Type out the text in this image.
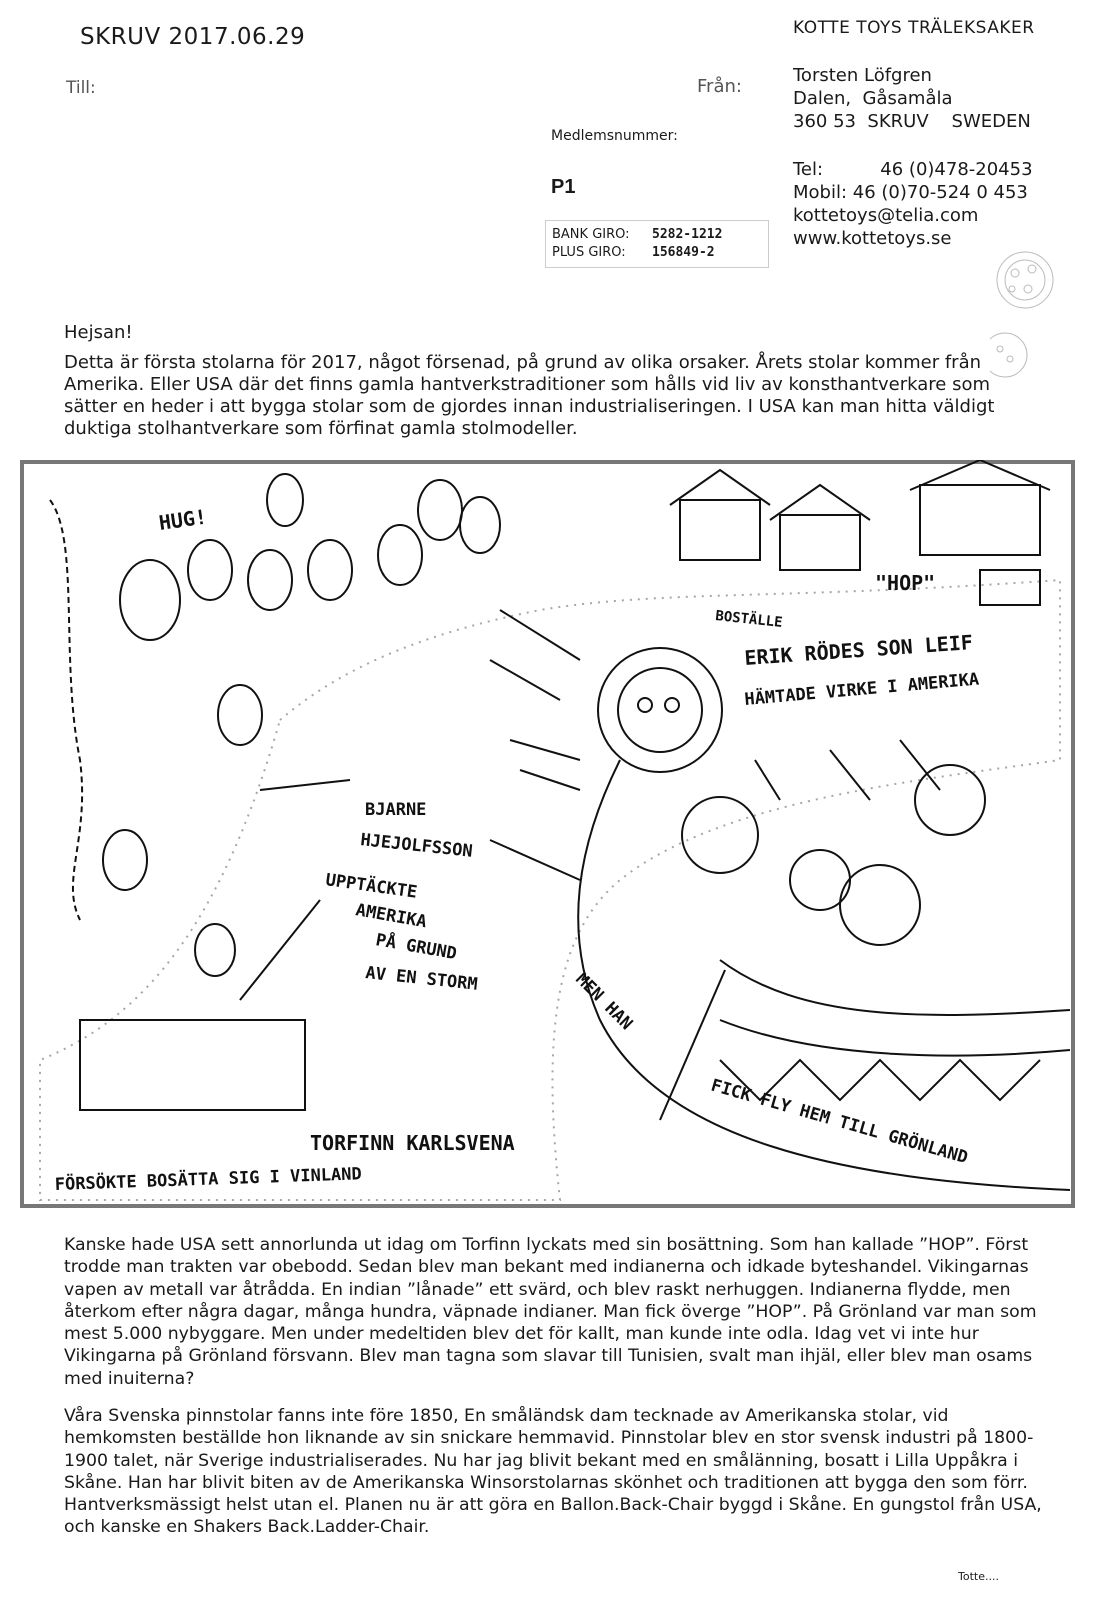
SKRUV 2017.06.29
Till:	Från:
KOTTE TOYS TRÄLEKSAKER
Torsten Löfgren
Dalen,  Gåsamåla
360 53  SKRUV    SWEDEN
Tel:          46 (0)478-20453
Mobil: 46 (0)70-524 0 453
kottetoys@telia.com
www.kottetoys.se
Medlemsnummer:
P1
BANK GIRO: 5282-1212
PLUS GIRO: 156849-2
Hejsan!
Detta är första stolarna för 2017, något försenad, på grund av olika orsaker. Årets stolar kommer från Amerika. Eller USA där det finns gamla hantverkstraditioner som hålls vid liv av konsthantverkare som sätter en heder i att bygga stolar som de gjordes innan industrialiseringen. I USA kan man hitta väldigt duktiga stolhantverkare som förfinat gamla stolmodeller.
HUG!
"HOP"
BOSTÄLLE
ERIK RÖDES SON LEIF
HÄMTADE VIRKE I AMERIKA
BJARNE
HJEJOLFSSON
UPPTÄCKTE
AMERIKA
PÅ GRUND
AV EN STORM	MEN HAN
FICK FLY HEM TILL GRÖNLAND
TORFINN KARLSVENA
FÖRSÖKTE BOSÄTTA SIG I VINLAND
Kanske hade USA sett annorlunda ut idag om Torfinn lyckats med sin bosättning. Som han kallade ”HOP”. Först trodde man trakten var obebodd. Sedan blev man bekant med indianerna och idkade byteshandel. Vikingarnas vapen av metall var åtrådda. En indian ”lånade” ett svärd, och blev raskt nerhuggen. Indianerna flydde, men återkom efter några dagar, många hundra, väpnade indianer. Man fick överge ”HOP”. På Grönland var man som mest 5.000 nybyggare. Men under medeltiden blev det för kallt, man kunde inte odla. Idag vet vi inte hur Vikingarna på Grönland försvann. Blev man tagna som slavar till Tunisien, svalt man ihjäl, eller blev man osams med inuiterna?
Våra Svenska pinnstolar fanns inte före 1850, En småländsk dam tecknade av Amerikanska stolar, vid hemkomsten beställde hon liknande av sin snickare hemmavid. Pinnstolar blev en stor svensk industri på 1800-1900 talet, när Sverige industrialiserades. Nu har jag blivit bekant med en smålänning, bosatt i Lilla Uppåkra i Skåne. Han har blivit biten av de Amerikanska Winsorstolarnas skönhet och traditionen att bygga den som förr. Hantverksmässigt helst utan el. Planen nu är att göra en Ballon.Back-Chair byggd i Skåne. En gungstol från USA, och kanske en Shakers Back.Ladder-Chair.
Totte....
